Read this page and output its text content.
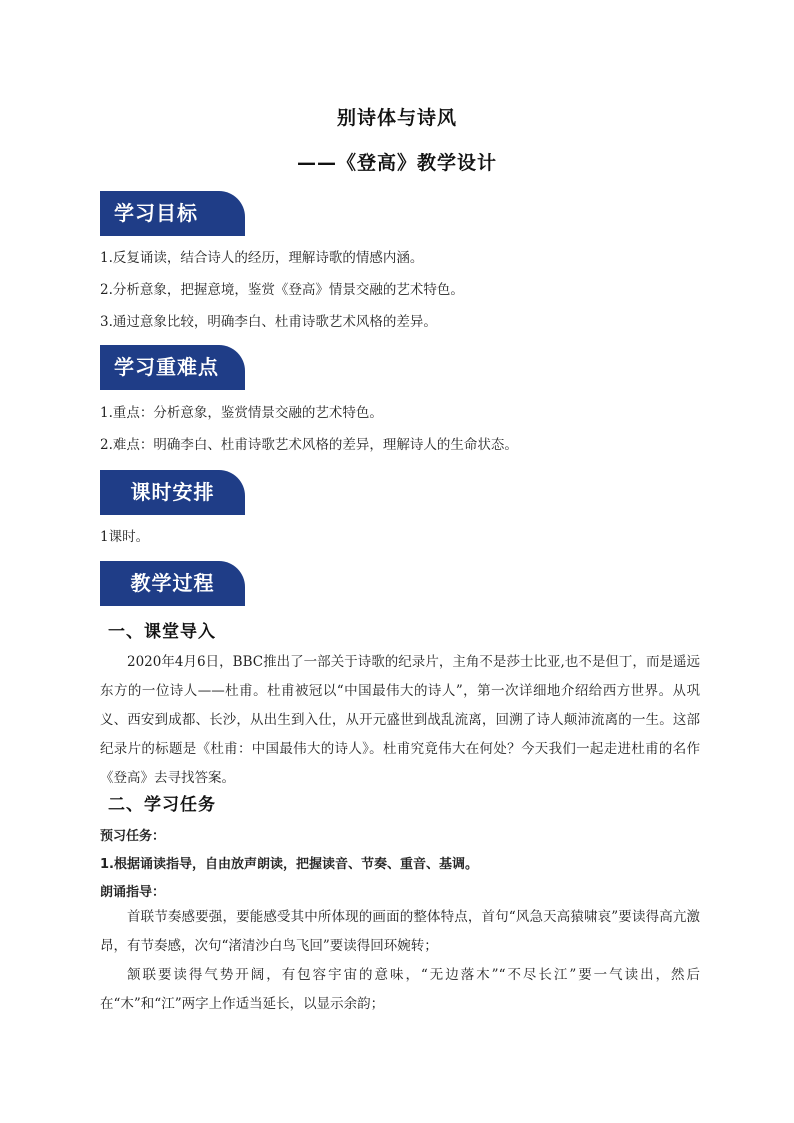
别诗体与诗风
——《登高》教学设计
学习目标
1.反复诵读，结合诗人的经历，理解诗歌的情感内涵。
2.分析意象，把握意境，鉴赏《登高》情景交融的艺术特色。
3.通过意象比较，明确李白、杜甫诗歌艺术风格的差异。
学习重难点
1.重点：分析意象，鉴赏情景交融的艺术特色。
2.难点：明确李白、杜甫诗歌艺术风格的差异，理解诗人的生命状态。
课时安排
1课时。
教学过程
一、课堂导入
2020年4月6日，BBC推出了一部关于诗歌的纪录片，主角不是莎士比亚,也不是但丁，而是遥远东方的一位诗人——杜甫。杜甫被冠以“中国最伟大的诗人”，第一次详细地介绍给西方世界。从巩义、西安到成都、长沙，从出生到入仕，从开元盛世到战乱流离，回溯了诗人颠沛流离的一生。这部纪录片的标题是《杜甫：中国最伟大的诗人》。杜甫究竟伟大在何处？今天我们一起走进杜甫的名作《登高》去寻找答案。
二、学习任务
预习任务：
1.根据诵读指导，自由放声朗读，把握读音、节奏、重音、基调。
朗诵指导：
首联节奏感要强，要能感受其中所体现的画面的整体特点，首句“风急天高猿啸哀”要读得高亢激昂，有节奏感，次句“渚清沙白鸟飞回”要读得回环婉转；
颔联要读得气势开阔，有包容宇宙的意味，“无边落木”“不尽长江”要一气读出，然后在“木”和“江”两字上作适当延长，以显示余韵；
